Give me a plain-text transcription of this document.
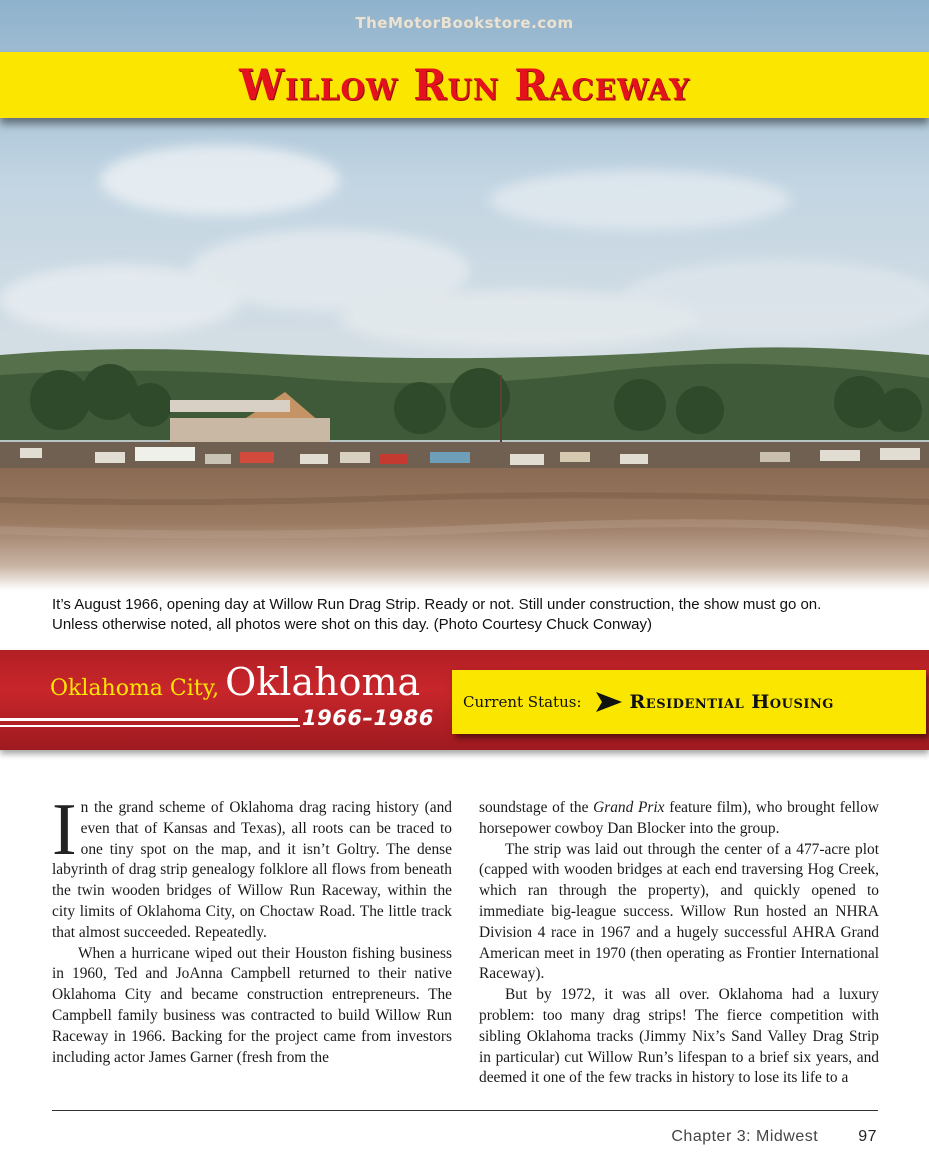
TheMotorBookstore.com
Willow Run Raceway
It’s August 1966, opening day at Willow Run Drag Strip. Ready or not. Still under construction, the show must go on.
Unless otherwise noted, all photos were shot on this day. (Photo Courtesy Chuck Conway)
Oklahoma City, Oklahoma
1966–1986
Current Status:	Residential Housing

In the grand scheme of Oklahoma drag racing history (and even that of Kansas and Texas), all roots can be traced to one tiny spot on the map, and it isn’t Goltry. The dense labyrinth of drag strip genealogy folklore all flows from beneath the twin wooden bridges of Willow Run Raceway, within the city limits of Oklahoma City, on Choctaw Road. The little track that almost succeeded. Repeatedly.

When a hurricane wiped out their Houston fishing business in 1960, Ted and JoAnna Campbell returned to their native Oklahoma City and became construction entrepreneurs. The Campbell family business was contracted to build Willow Run Raceway in 1966. Backing for the project came from investors including actor James Garner (fresh from the

soundstage of the Grand Prix feature film), who brought fellow horsepower cowboy Dan Blocker into the group.

The strip was laid out through the center of a 477-acre plot (capped with wooden bridges at each end traversing Hog Creek, which ran through the property), and quickly opened to immediate big-league success. Willow Run hosted an NHRA Division 4 race in 1967 and a hugely successful AHRA Grand American meet in 1970 (then operating as Frontier International Raceway).

But by 1972, it was all over. Oklahoma had a luxury problem: too many drag strips! The fierce competition with sibling Oklahoma tracks (Jimmy Nix’s Sand Valley Drag Strip in particular) cut Willow Run’s lifespan to a brief six years, and deemed it one of the few tracks in history to lose its life to a

Chapter 3: Midwest	97
